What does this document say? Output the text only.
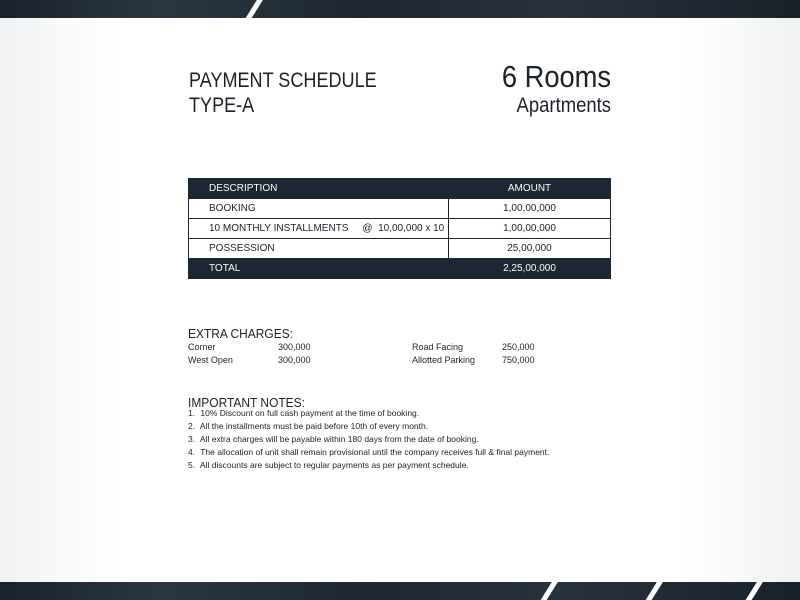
PAYMENT SCHEDULE
TYPE-A
6 Rooms
Apartments
DESCRIPTION	AMOUNT
BOOKING	1,00,00,000
10 MONTHLY INSTALLMENTS     @  10,00,000 x 10	1,00,00,000
POSSESSION	25,00,000
TOTAL	2,25,00,000
EXTRA CHARGES:
Corner	300,000
West Open	300,000
Road Facing	250,000
Allotted Parking	750,000
IMPORTANT NOTES:
1. 10% Discount on full cash payment at the time of booking.
2. All the installments must be paid before 10th of every month.
3. All extra charges will be payable within 180 days from the date of booking.
4. The allocation of unit shall remain provisional until the company receives full & final payment.
5. All discounts are subject to regular payments as per payment schedule.
